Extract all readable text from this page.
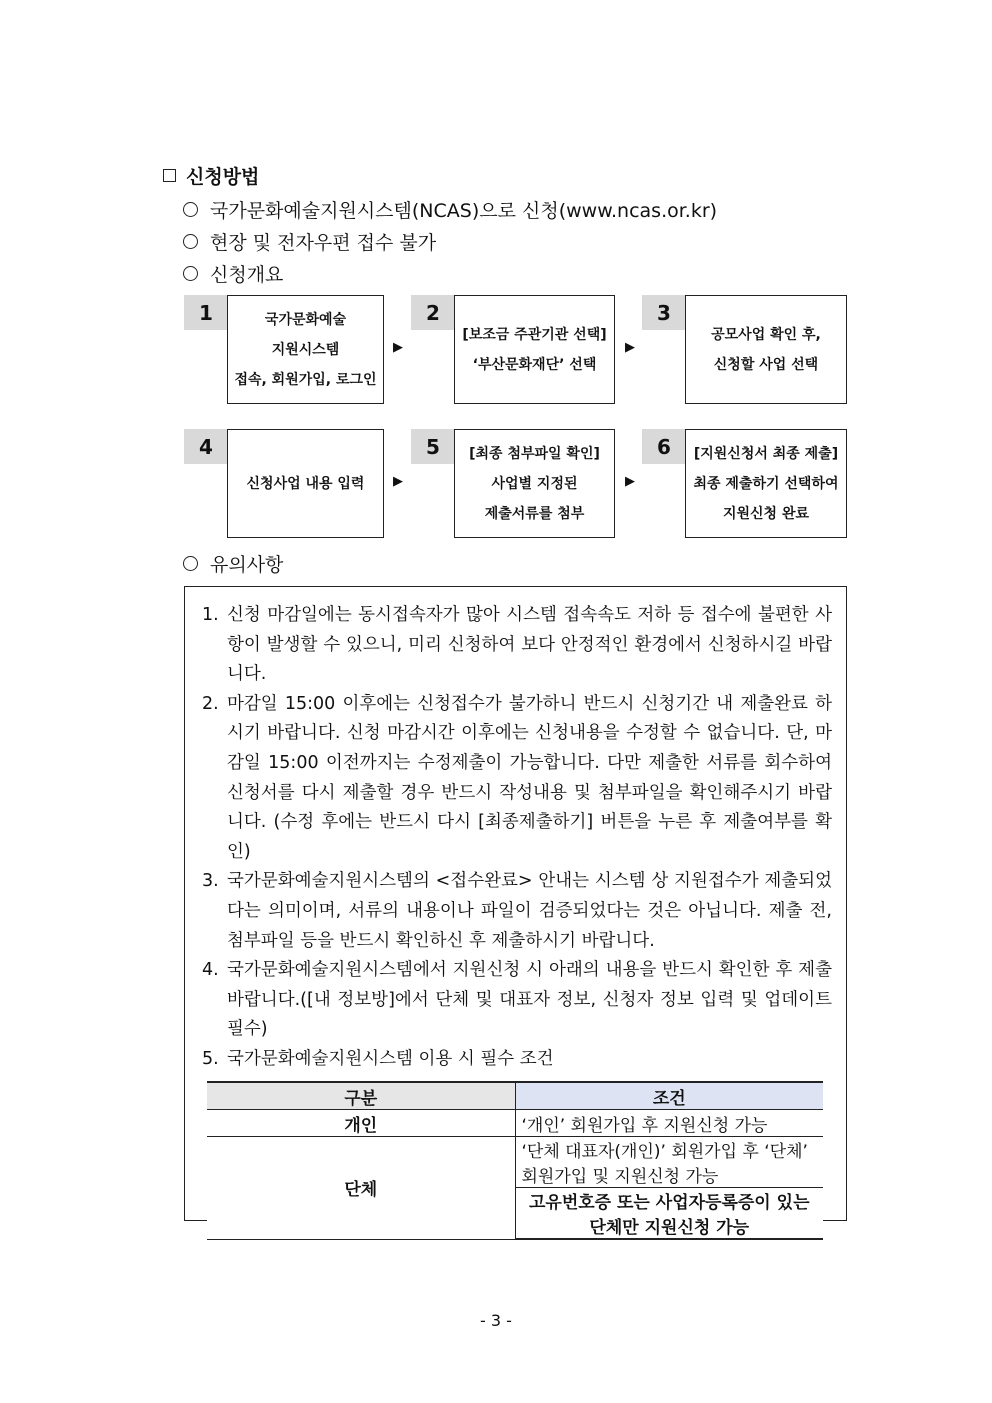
신청방법
국가문화예술지원시스템(NCAS)으로 신청(www.ncas.or.kr)
현장 및 전자우편 접수 불가
신청개요
1	국가문화예술
지원시스템
접속, 회원가입, 로그인
▶
2
[보조금 주관기관 선택]
‘부산문화재단’ 선택
▶
3
공모사업 확인 후,
신청할 사업 선택
4
신청사업 내용 입력 ▶
5	[최종 첨부파일 확인]
사업별 지정된
제출서류를 첨부
▶
6	[지원신청서 최종 제출]
최종 제출하기 선택하여
지원신청 완료
유의사항
1. 신청 마감일에는 동시접속자가 많아 시스템 접속속도 저하 등 접수에 불편한 사항이 발생할 수 있으니, 미리 신청하여 보다 안정적인 환경에서 신청하시길 바랍니다.
2. 마감일 15:00 이후에는 신청접수가 불가하니 반드시 신청기간 내 제출완료 하시기 바랍니다. 신청 마감시간 이후에는 신청내용을 수정할 수 없습니다. 단, 마감일 15:00 이전까지는 수정제출이 가능합니다. 다만 제출한 서류를 회수하여 신청서를 다시 제출할 경우 반드시 작성내용 및 첨부파일을 확인해주시기 바랍니다. (수정 후에는 반드시 다시 [최종제출하기] 버튼을 누른 후 제출여부를 확인)
3. 국가문화예술지원시스템의 <접수완료> 안내는 시스템 상 지원접수가 제출되었다는 의미이며, 서류의 내용이나 파일이 검증되었다는 것은 아닙니다. 제출 전, 첨부파일 등을 반드시 확인하신 후 제출하시기 바랍니다.
4. 국가문화예술지원시스템에서 지원신청 시 아래의 내용을 반드시 확인한 후 제출 바랍니다.([내 정보방]에서 단체 및 대표자 정보, 신청자 정보 입력 및 업데이트 필수)
5. 국가문화예술지원시스템 이용 시 필수 조건
구분	조건
개인	‘개인’ 회원가입 후 지원신청 가능
단체	‘단체 대표자(개인)’ 회원가입 후 ‘단체’ 회원가입 및 지원신청 가능
	고유번호증 또는 사업자등록증이 있는 단체만 지원신청 가능
- 3 -
